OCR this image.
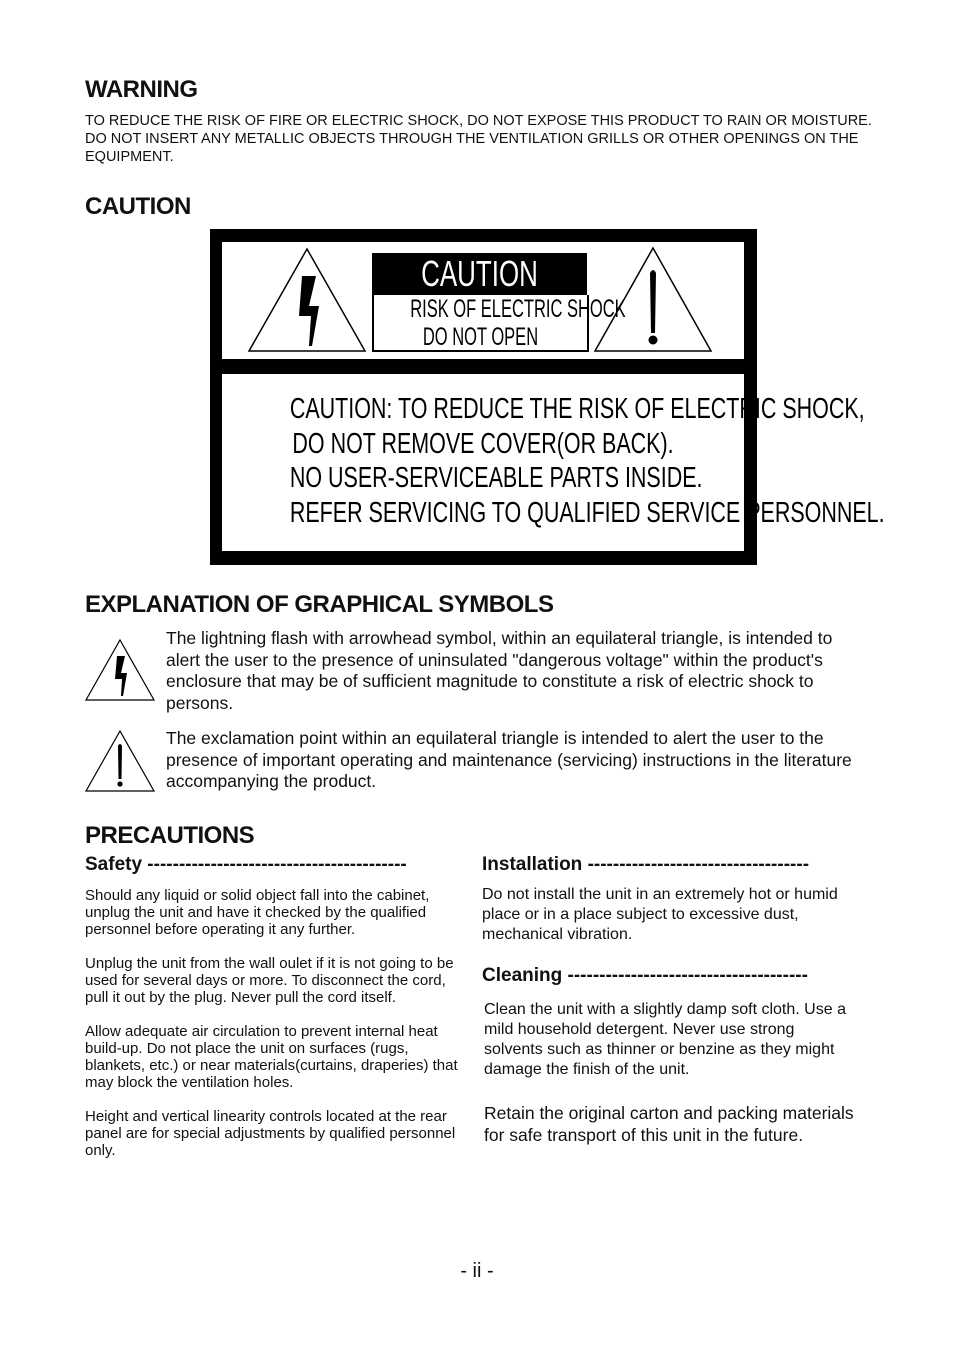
WARNING
TO REDUCE THE RISK OF FIRE OR ELECTRIC SHOCK, DO NOT EXPOSE THIS PRODUCT TO RAIN OR MOISTURE. DO NOT INSERT ANY METALLIC OBJECTS THROUGH THE VENTILATION GRILLS OR OTHER OPENINGS ON THE EQUIPMENT.
CAUTION
CAUTION
RISK OF ELECTRIC SHOCK
DO NOT OPEN
CAUTION: TO REDUCE THE RISK OF ELECTRIC SHOCK,
DO NOT REMOVE COVER(OR BACK).
NO USER-SERVICEABLE PARTS INSIDE.
REFER SERVICING TO QUALIFIED SERVICE PERSONNEL.
EXPLANATION OF GRAPHICAL SYMBOLS
The lightning flash with arrowhead symbol, within an equilateral triangle, is intended to alert the user to the presence of uninsulated "dangerous voltage" within the product's enclosure that may be of sufficient magnitude to constitute a risk of electric shock to persons.
The exclamation point within an equilateral triangle is intended to alert the user to the presence of important operating and maintenance (servicing) instructions in the literature accompanying the product.
PRECAUTIONS
Safety -----------------------------------------
Should any liquid or solid object fall into the cabinet, unplug the unit and have it checked by the qualified personnel before operating it any further.
Unplug the unit from the wall oulet if it is not going to be used for several days or more. To disconnect the cord, pull it out by the plug. Never pull the cord itself.
Allow adequate air circulation to prevent internal heat build-up. Do not place the unit on surfaces (rugs, blankets, etc.) or near materials(curtains, draperies) that may block the ventilation holes.
Height and vertical linearity controls located at the rear panel are for special adjustments by qualified personnel only.
Installation -----------------------------------
Do not install the unit in an extremely hot or humid place or in a place subject to excessive dust, mechanical vibration.
Cleaning --------------------------------------
Clean the unit with a slightly damp soft cloth. Use a mild household detergent. Never use strong solvents such as thinner or benzine as they might damage the finish of the unit.
Retain the original carton and packing materials for safe transport of this unit in the future.
- ii -
